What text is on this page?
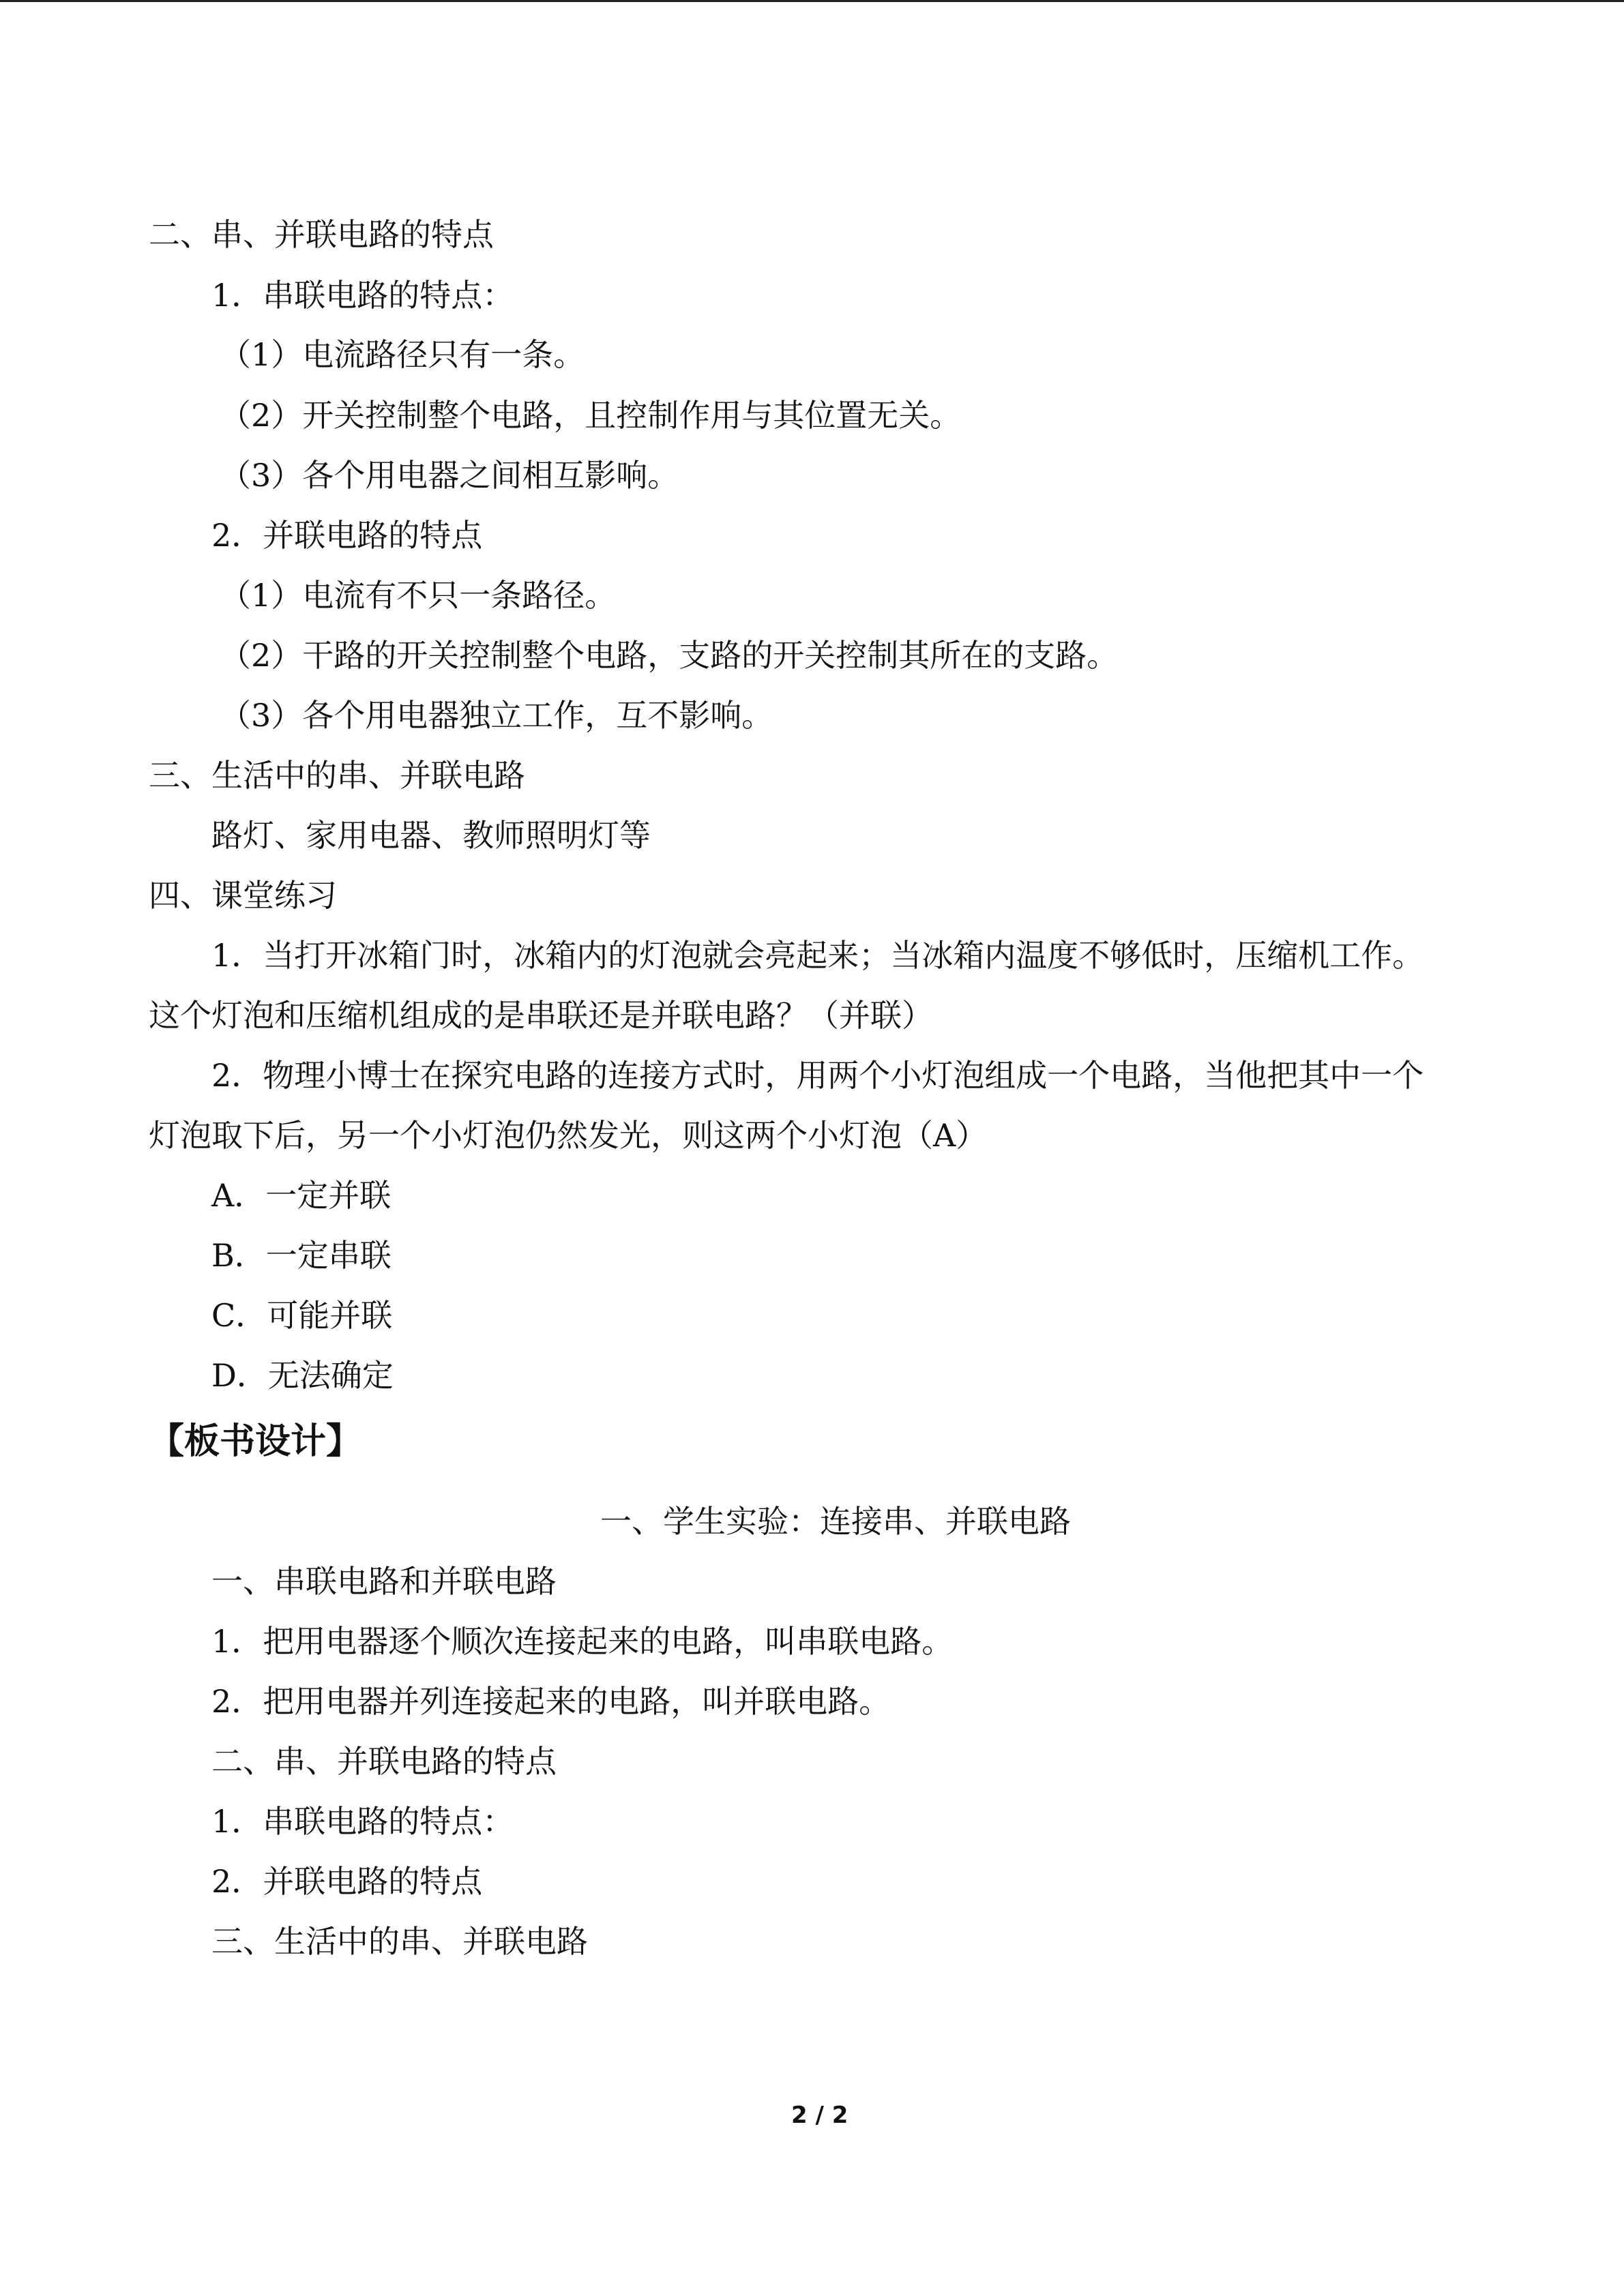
二、串、并联电路的特点
1．串联电路的特点：
（1）电流路径只有一条。
（2）开关控制整个电路，且控制作用与其位置无关。
（3）各个用电器之间相互影响。
2．并联电路的特点
（1）电流有不只一条路径。
（2）干路的开关控制整个电路，支路的开关控制其所在的支路。
（3）各个用电器独立工作，互不影响。
三、生活中的串、并联电路
路灯、家用电器、教师照明灯等
四、课堂练习
1．当打开冰箱门时，冰箱内的灯泡就会亮起来；当冰箱内温度不够低时，压缩机工作。
这个灯泡和压缩机组成的是串联还是并联电路？（并联）
2．物理小博士在探究电路的连接方式时，用两个小灯泡组成一个电路，当他把其中一个
灯泡取下后，另一个小灯泡仍然发光，则这两个小灯泡（A）
A．一定并联
B．一定串联
C．可能并联
D．无法确定
【板书设计】
一、学生实验：连接串、并联电路
一、串联电路和并联电路
1．把用电器逐个顺次连接起来的电路，叫串联电路。
2．把用电器并列连接起来的电路，叫并联电路。
二、串、并联电路的特点
1．串联电路的特点：
2．并联电路的特点
三、生活中的串、并联电路
2 / 2
